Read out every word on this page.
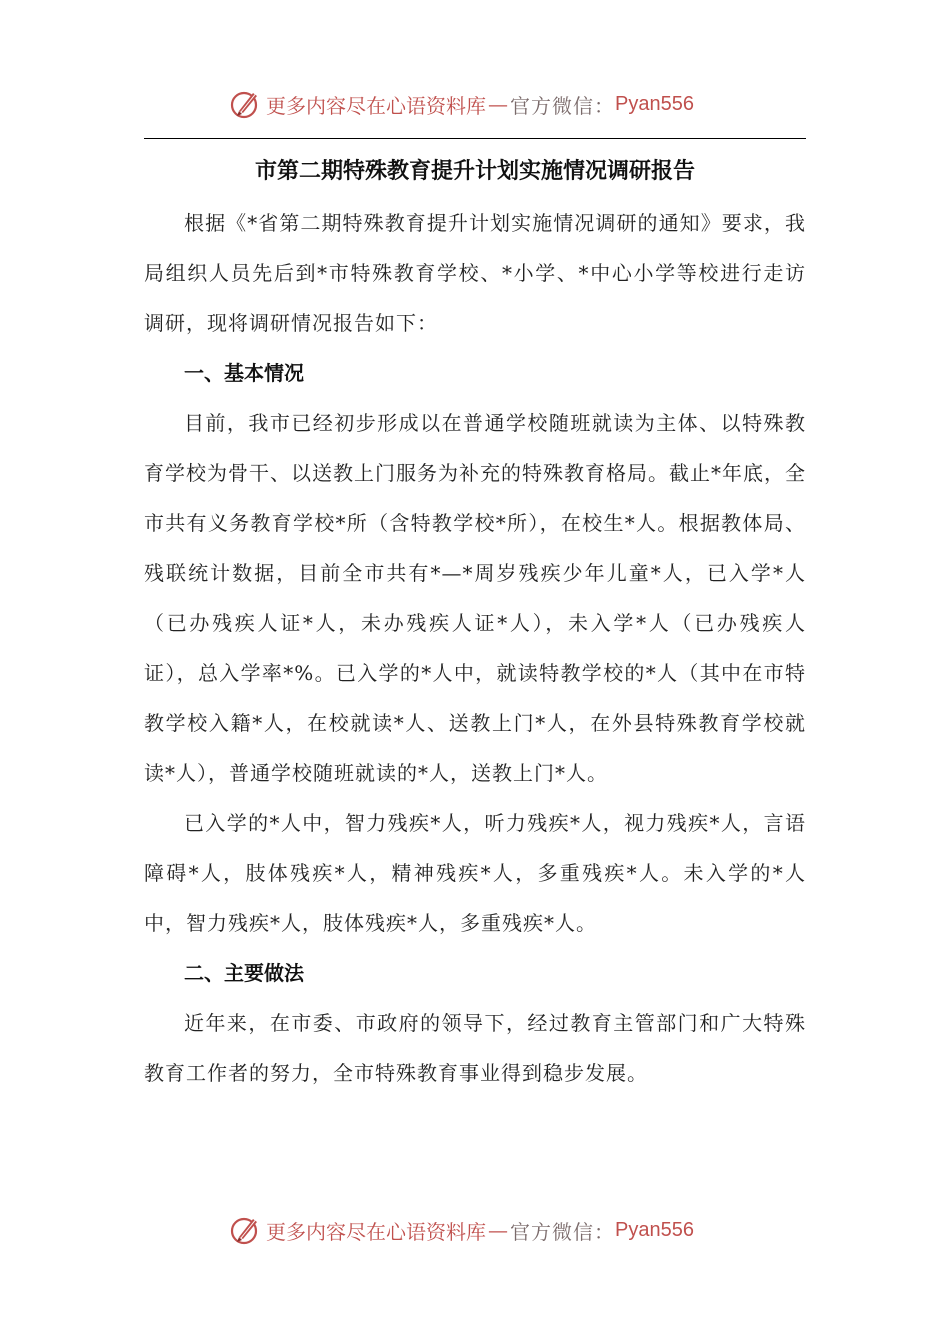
更多内容尽在心语资料库 — 官方微信： Pyan556
市第二期特殊教育提升计划实施情况调研报告

根据《*省第二期特殊教育提升计划实施情况调研的通知》要求，我局组织人员先后到*市特殊教育学校、*小学、*中心小学等校进行走访调研，现将调研情况报告如下：

一、基本情况

目前，我市已经初步形成以在普通学校随班就读为主体、以特殊教育学校为骨干、以送教上门服务为补充的特殊教育格局。截止*年底，全市共有义务教育学校*所（含特教学校*所），在校生*人。根据教体局、残联统计数据，目前全市共有*—*周岁残疾少年儿童*人，已入学*人（已办残疾人证*人，未办残疾人证*人），未入学*人（已办残疾人证），总入学率*%。已入学的*人中，就读特教学校的*人（其中在市特教学校入籍*人，在校就读*人、送教上门*人，在外县特殊教育学校就读*人），普通学校随班就读的*人，送教上门*人。

已入学的*人中，智力残疾*人，听力残疾*人，视力残疾*人，言语障碍*人，肢体残疾*人，精神残疾*人，多重残疾*人。未入学的*人中，智力残疾*人，肢体残疾*人，多重残疾*人。

二、主要做法

近年来，在市委、市政府的领导下，经过教育主管部门和广大特殊教育工作者的努力，全市特殊教育事业得到稳步发展。

更多内容尽在心语资料库 — 官方微信： Pyan556
